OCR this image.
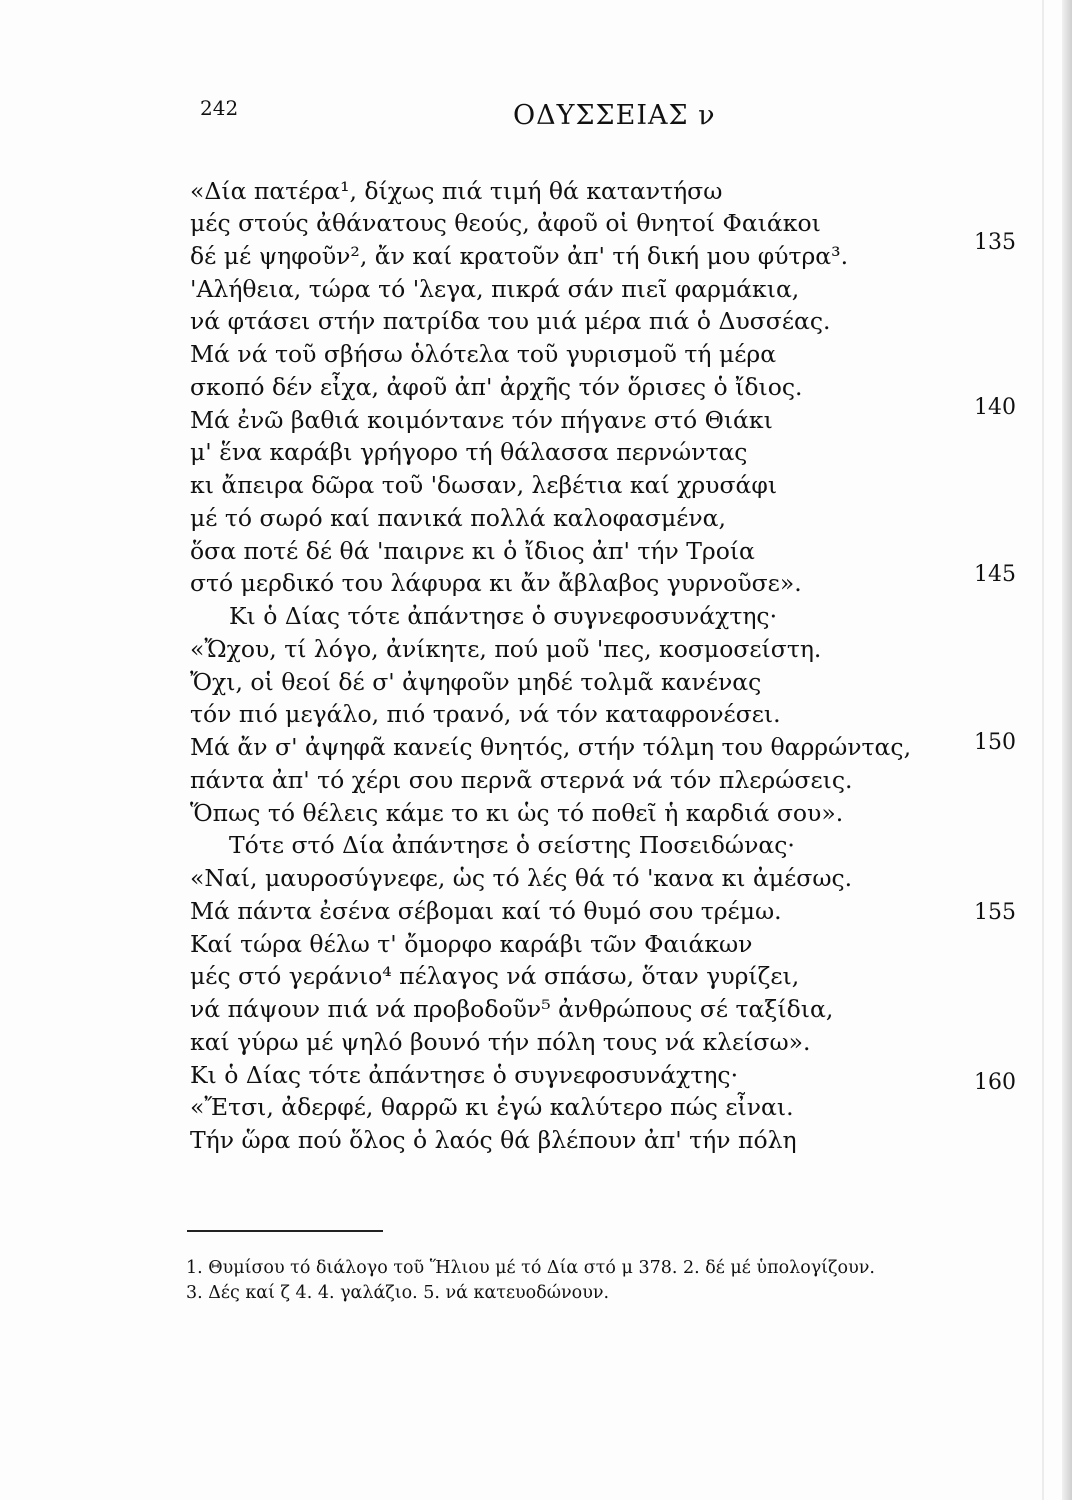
242	ΟΔΥΣΣΕΙΑΣ ν
«Δία πατέρα¹, δίχως πιά τιμή θά καταντήσω
μές στούς ἀθάνατους θεούς, ἀφοῦ οἱ θνητοί Φαιάκοι
δέ μέ ψηφοῦν², ἄν καί κρατοῦν ἀπ' τή δική μου φύτρα³.
'Αλήθεια, τώρα τό 'λεγα, πικρά σάν πιεῖ φαρμάκια,
νά φτάσει στήν πατρίδα του μιά μέρα πιά ὁ Δυσσέας.
Μά νά τοῦ σβήσω ὁλότελα τοῦ γυρισμοῦ τή μέρα
σκοπό δέν εἶχα, ἀφοῦ ἀπ' ἀρχῆς τόν ὅρισες ὁ ἴδιος.
Μά ἐνῶ βαθιά κοιμόντανε τόν πήγανε στό Θιάκι
μ' ἕνα καράβι γρήγορο τή θάλασσα περνώντας
κι ἄπειρα δῶρα τοῦ 'δωσαν, λεβέτια καί χρυσάφι
μέ τό σωρό καί πανικά πολλά καλοφασμένα,
ὅσα ποτέ δέ θά 'παιρνε κι ὁ ἴδιος ἀπ' τήν Τροία
στό μερδικό του λάφυρα κι ἄν ἄβλαβος γυρνοῦσε».
Κι ὁ Δίας τότε ἀπάντησε ὁ συγνεφοσυνάχτης·
«Ὤχου, τί λόγο, ἀνίκητε, πού μοῦ 'πες, κοσμοσείστη.
Ὄχι, οἱ θεοί δέ σ' ἀψηφοῦν μηδέ τολμᾶ κανένας
τόν πιό μεγάλο, πιό τρανό, νά τόν καταφρονέσει.
Μά ἄν σ' ἀψηφᾶ κανείς θνητός, στήν τόλμη του θαρρώντας,
πάντα ἀπ' τό χέρι σου περνᾶ στερνά νά τόν πλερώσεις.
Ὅπως τό θέλεις κάμε το κι ὡς τό ποθεῖ ἡ καρδιά σου».
Τότε στό Δία ἀπάντησε ὁ σείστης Ποσειδώνας·
«Ναί, μαυροσύγνεφε, ὡς τό λές θά τό 'κανα κι ἀμέσως.
Μά πάντα ἐσένα σέβομαι καί τό θυμό σου τρέμω.
Καί τώρα θέλω τ' ὄμορφο καράβι τῶν Φαιάκων
μές στό γεράνιο⁴ πέλαγος νά σπάσω, ὅταν γυρίζει,
νά πάψουν πιά νά προβοδοῦν⁵ ἀνθρώπους σέ ταξίδια,
καί γύρω μέ ψηλό βουνό τήν πόλη τους νά κλείσω».
Κι ὁ Δίας τότε ἀπάντησε ὁ συγνεφοσυνάχτης·
«Ἔτσι, ἀδερφέ, θαρρῶ κι ἐγώ καλύτερο πώς εἶναι.
Τήν ὥρα πού ὅλος ὁ λαός θά βλέπουν ἀπ' τήν πόλη
135
140
145
150
155
160
1. Θυμίσου τό διάλογο τοῦ Ἥλιου μέ τό Δία στό μ 378. 2. δέ μέ ὑπολογίζουν.
3. Δές καί ζ 4. 4. γαλάζιο. 5. νά κατευοδώνουν.
